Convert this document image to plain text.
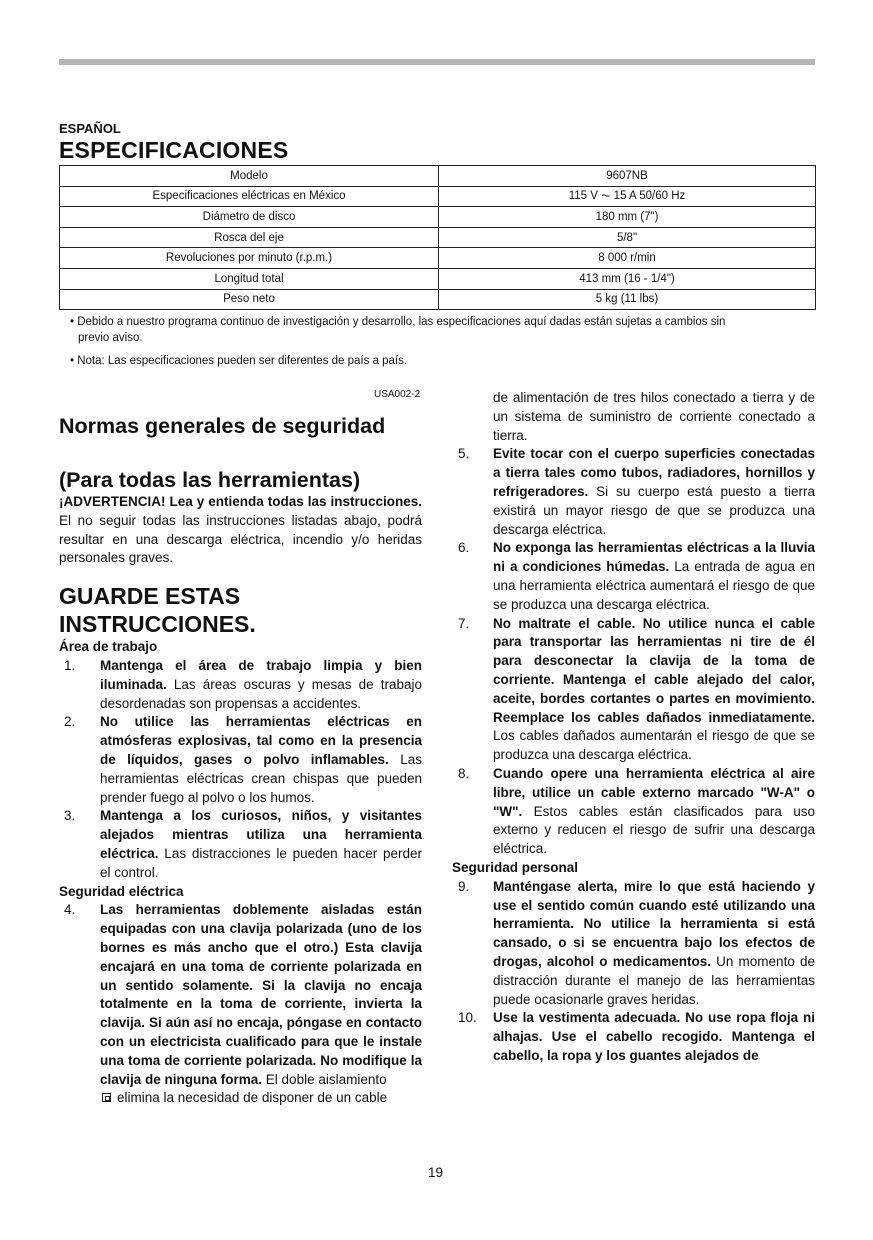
ESPAÑOL
ESPECIFICACIONES
Modelo	9607NB
Especificaciones eléctricas en México	115 V ⏦ 15 A 50/60 Hz
Diámetro de disco	180 mm (7")
Rosca del eje	5/8"
Revoluciones por minuto (r.p.m.)	8 000 r/min
Longitud total	413 mm (16 - 1/4")
Peso neto	5 kg (11 lbs)
• Debido a nuestro programa continuo de investigación y desarrollo, las especificaciones aquí dadas están sujetas a cambios sin
previo aviso.
• Nota: Las especificaciones pueden ser diferentes de país a país.
USA002-2
Normas generales de seguridad
(Para todas las herramientas)
¡ADVERTENCIA! Lea y entienda todas las instrucciones. El no seguir todas las instrucciones listadas abajo, podrá resultar en una descarga eléctrica, incendio y/o heridas personales graves.
GUARDE ESTAS
INSTRUCCIONES.
Área de trabajo
1.	Mantenga el área de trabajo limpia y bien iluminada. Las áreas oscuras y mesas de trabajo desordenadas son propensas a accidentes.
2.	No utilice las herramientas eléctricas en atmósferas explosivas, tal como en la presencia de líquidos, gases o polvo inflamables. Las herramientas eléctricas crean chispas que pueden prender fuego al polvo o los humos.
3.	Mantenga a los curiosos, niños, y visitantes alejados mientras utiliza una herramienta eléctrica. Las distracciones le pueden hacer perder el control.
Seguridad eléctrica
4.	Las herramientas doblemente aisladas están equipadas con una clavija polarizada (uno de los bornes es más ancho que el otro.) Esta clavija encajará en una toma de corriente polarizada en un sentido solamente. Si la clavija no encaja totalmente en la toma de corriente, invierta la clavija. Si aún así no encaja, póngase en contacto con un electricista cualificado para que le instale una toma de corriente polarizada. No modifique la clavija de ninguna forma. El doble aislamiento
elimina la necesidad de disponer de un cable
de alimentación de tres hilos conectado a tierra y de un sistema de suministro de corriente conectado a tierra.
5.	Evite tocar con el cuerpo superficies conectadas a tierra tales como tubos, radiadores, hornillos y refrigeradores. Si su cuerpo está puesto a tierra existirá un mayor riesgo de que se produzca una descarga eléctrica.
6.	No exponga las herramientas eléctricas a la lluvia ni a condiciones húmedas. La entrada de agua en una herramienta eléctrica aumentará el riesgo de que se produzca una descarga eléctrica.
7.	No maltrate el cable. No utilice nunca el cable para transportar las herramientas ni tire de él para desconectar la clavija de la toma de corriente. Mantenga el cable alejado del calor, aceite, bordes cortantes o partes en movimiento. Reemplace los cables dañados inmediatamente. Los cables dañados aumentarán el riesgo de que se produzca una descarga eléctrica.
8.	Cuando opere una herramienta eléctrica al aire libre, utilice un cable externo marcado "W-A" o "W". Estos cables están clasificados para uso externo y reducen el riesgo de sufrir una descarga eléctrica.
Seguridad personal
9.	Manténgase alerta, mire lo que está haciendo y use el sentido común cuando esté utilizando una herramienta. No utilice la herramienta si está cansado, o si se encuentra bajo los efectos de drogas, alcohol o medicamentos. Un momento de distracción durante el manejo de las herramientas puede ocasionarle graves heridas.
10.	Use la vestimenta adecuada. No use ropa floja ni alhajas. Use el cabello recogido. Mantenga el cabello, la ropa y los guantes alejados de
19
